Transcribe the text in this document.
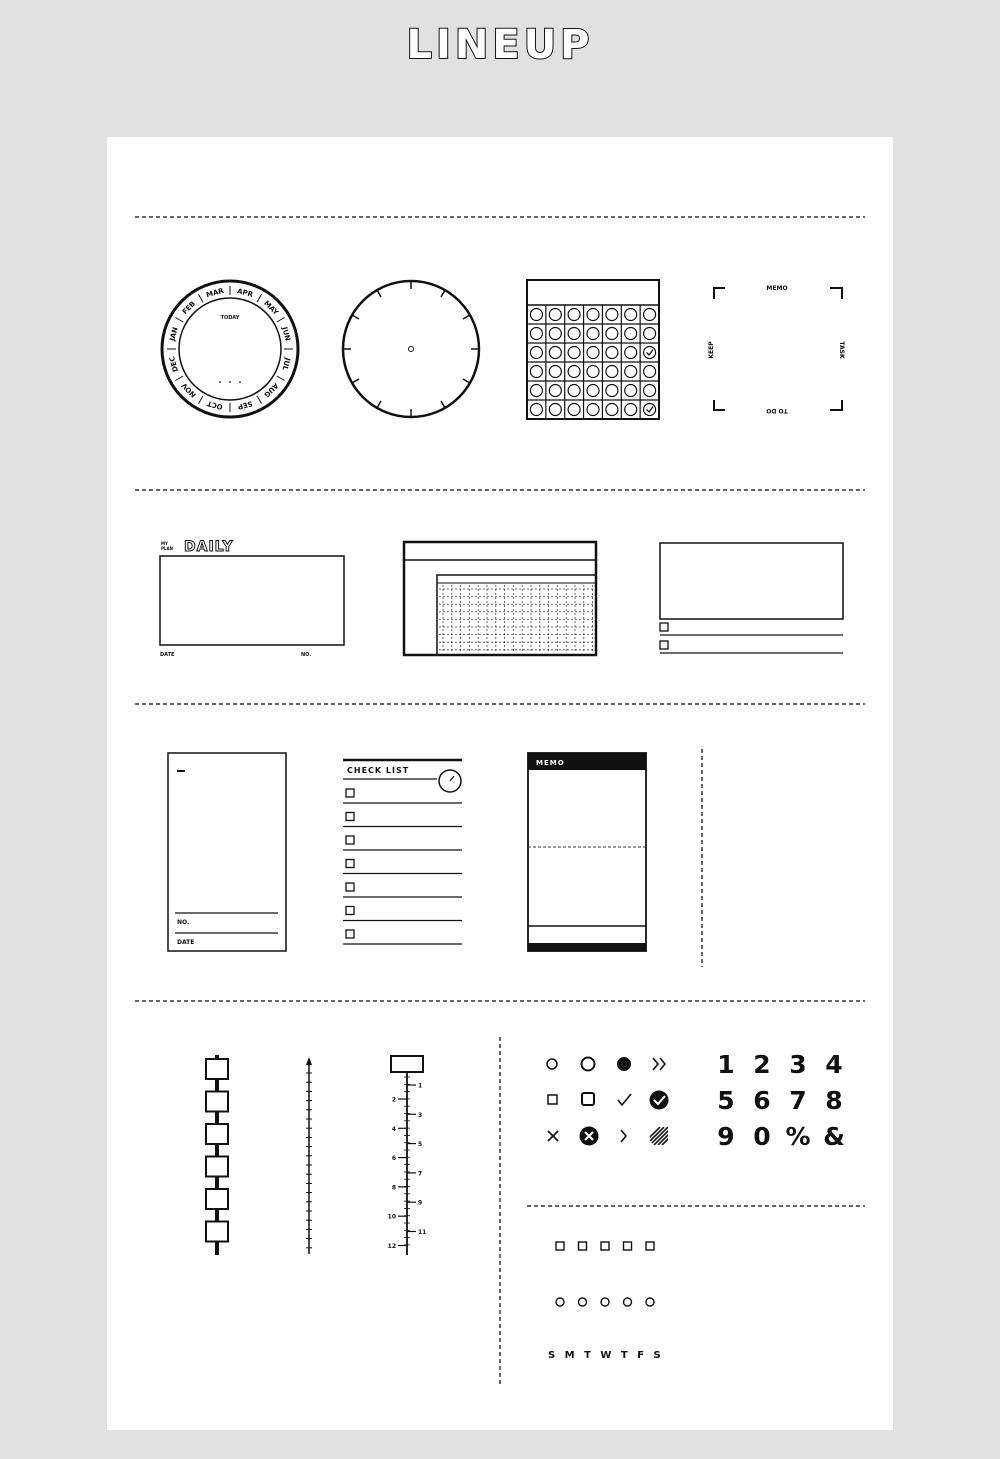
LINEUP
JAN
FEB
MAR APR
MAY
JUN
JUL
AUG
SEP
OCT
NOV
DEC
TODAY
MEMO
KEEP	TASK
TO DO
MY
PLAN DAILY
DATE	NO.
NO.
DATE
CHECK LIST
MEMO
1
3
5
7
9
11
2
4
6
8
10
12
1 2 3 4
5 6 7 8
9 0 % &
S M T W T F S
